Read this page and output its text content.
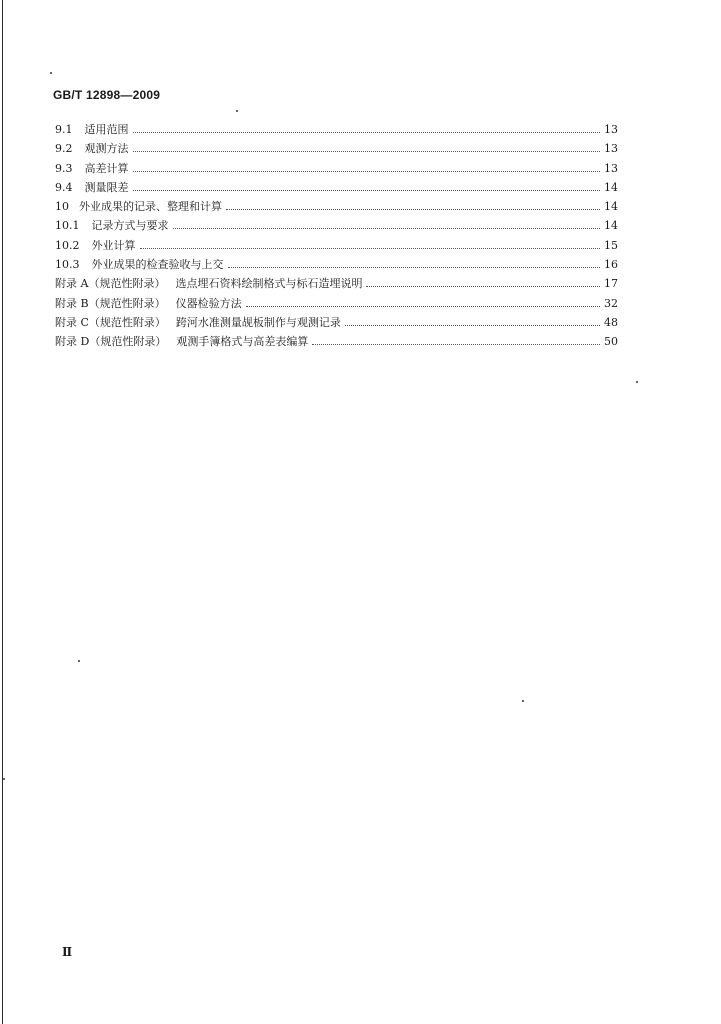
GB/T 12898—2009
9.1	适用范围	13
9.2	观测方法	13
9.3	高差计算	13
9.4	测量限差	14
10 外业成果的记录、整理和计算	14
10.1	记录方式与要求	14
10.2	外业计算	15
10.3	外业成果的检查验收与上交	16
附录 A（规范性附录） 选点埋石资料绘制格式与标石造埋说明	17
附录 B（规范性附录） 仪器检验方法	32
附录 C（规范性附录） 跨河水准测量觇板制作与观测记录	48
附录 D（规范性附录） 观测手簿格式与高差表编算	50
Ⅱ
